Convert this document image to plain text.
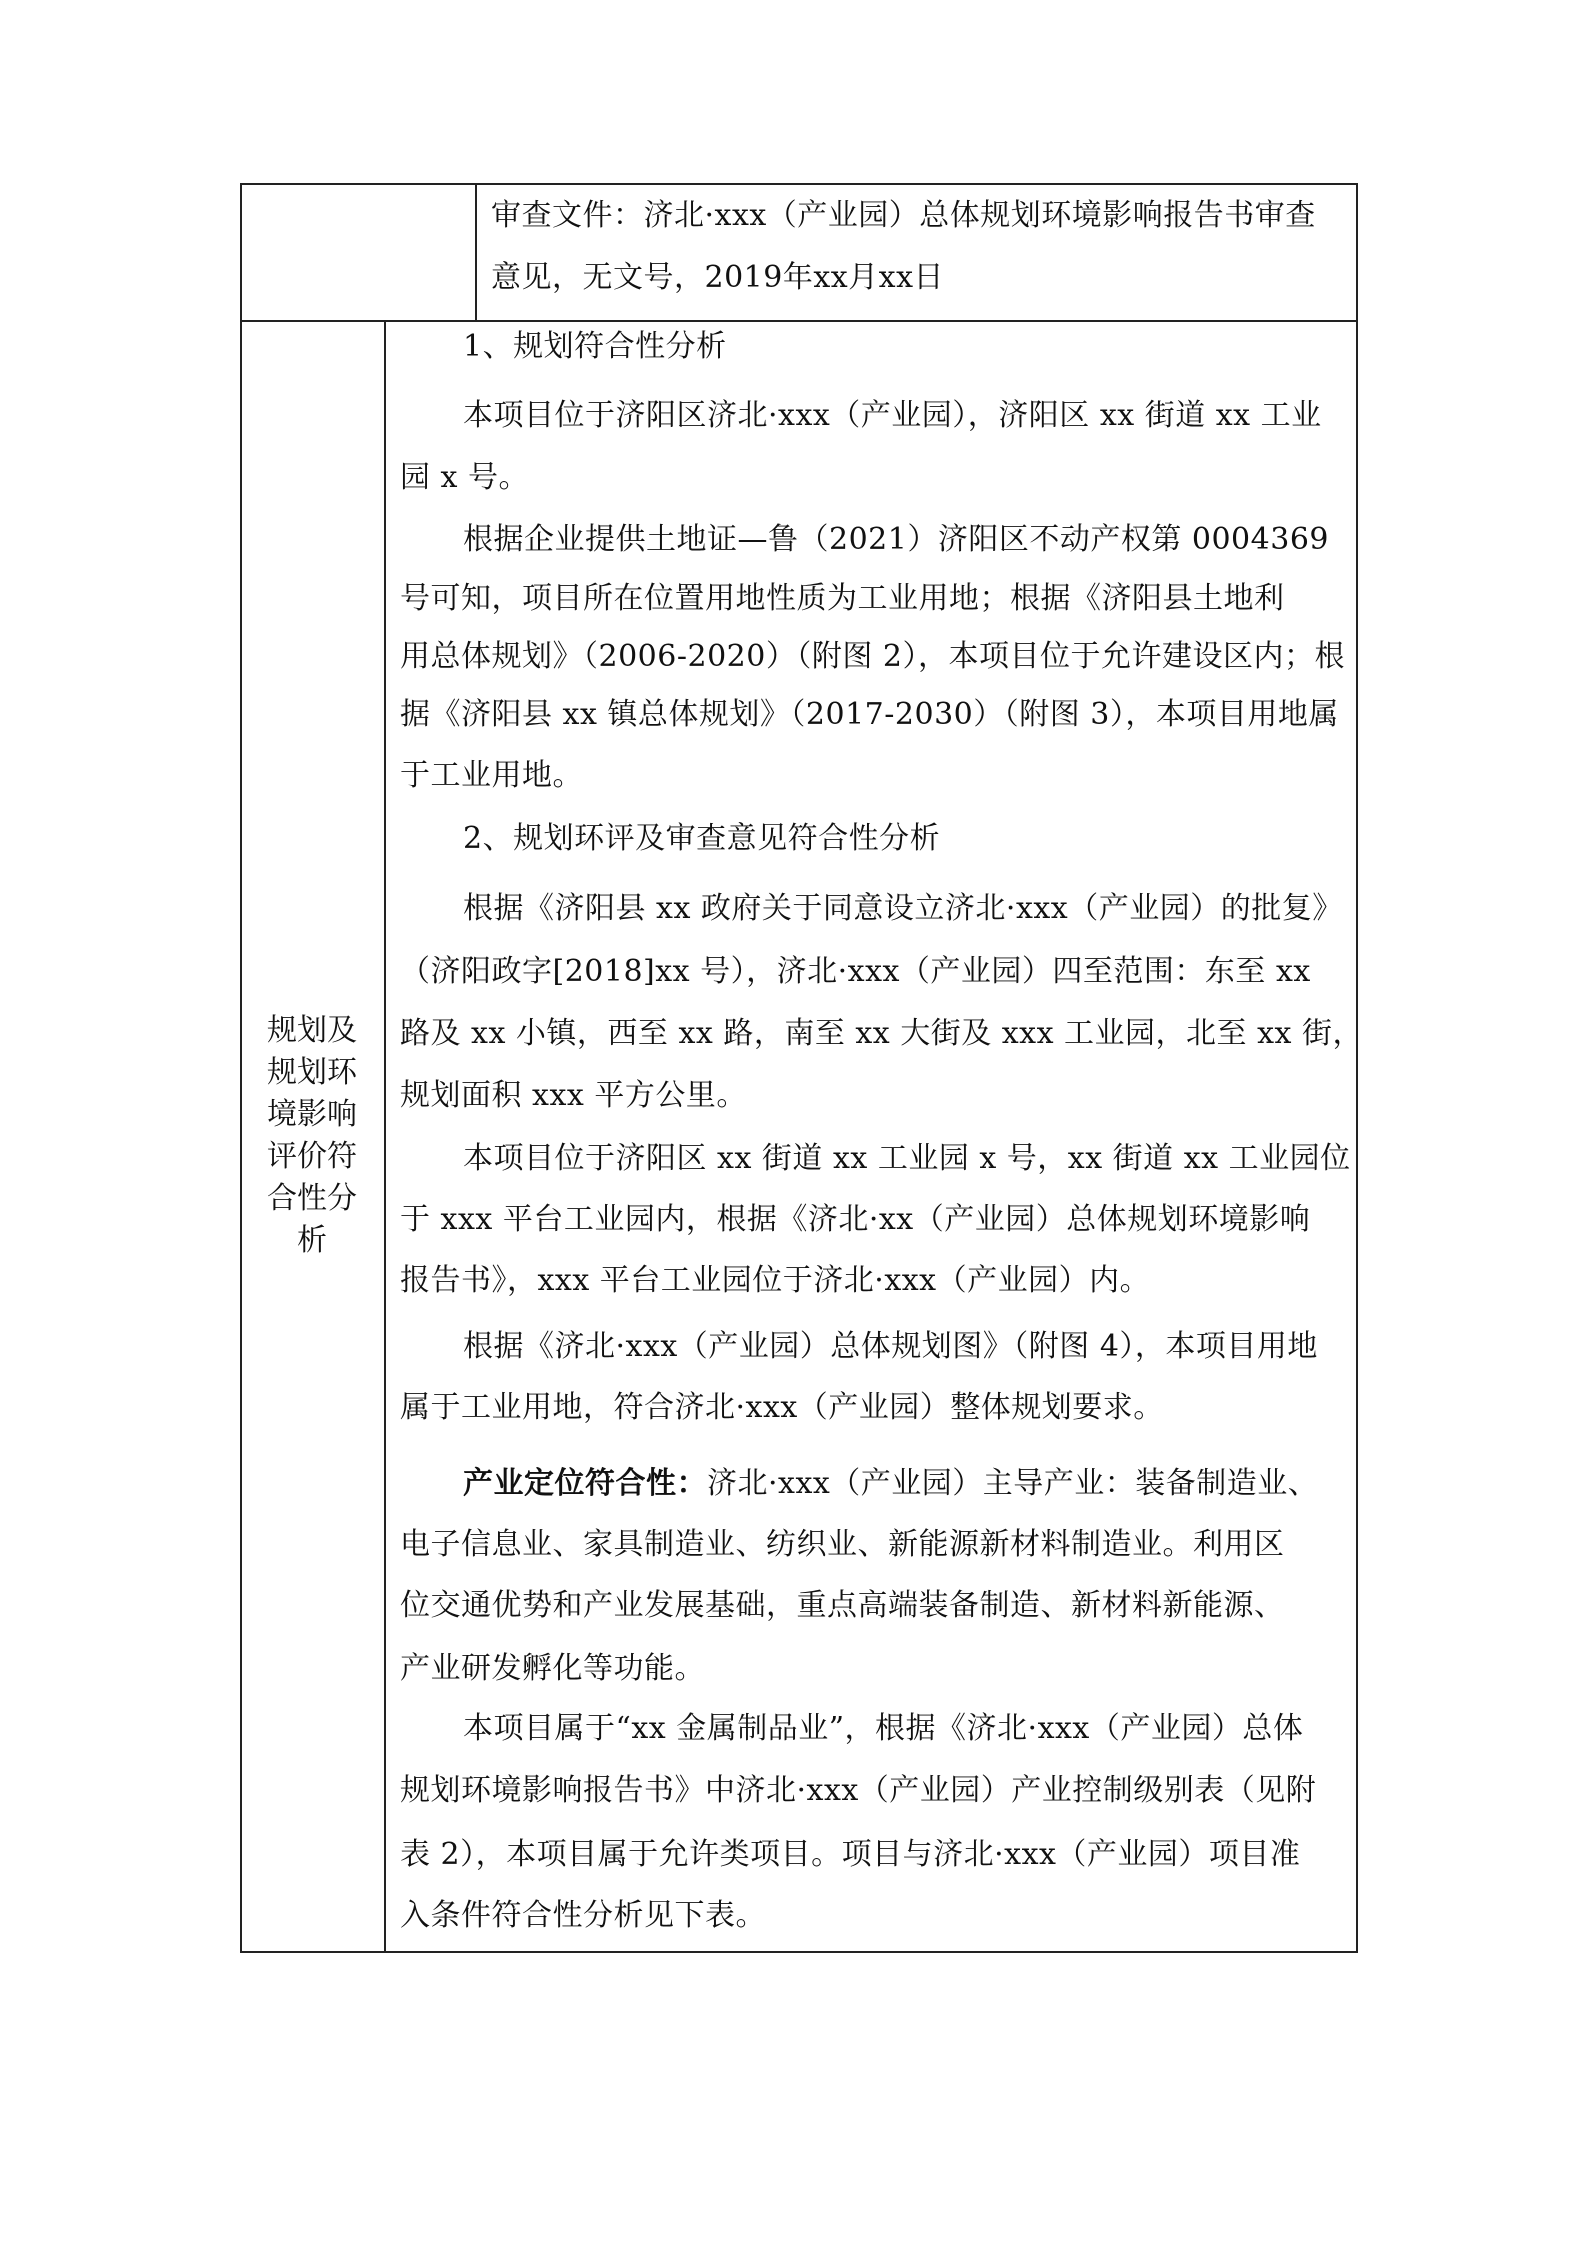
审查文件：济北·xxx（产业园）总体规划环境影响报告书审查
意见，无文号，2019年xx月xx日
规划及
规划环
境影响
评价符
合性分
析
1、规划符合性分析
本项目位于济阳区济北·xxx（产业园），济阳区 xx 街道 xx 工业
园 x 号。
根据企业提供土地证—鲁（2021）济阳区不动产权第 0004369
号可知，项目所在位置用地性质为工业用地；根据《济阳县土地利
用总体规划》（2006-2020）（附图 2），本项目位于允许建设区内；根
据《济阳县 xx 镇总体规划》（2017-2030）（附图 3），本项目用地属
于工业用地。
2、规划环评及审查意见符合性分析
根据《济阳县 xx 政府关于同意设立济北·xxx（产业园）的批复》
（济阳政字[2018]xx 号），济北·xxx（产业园）四至范围：东至 xx
路及 xx 小镇，西至 xx 路，南至 xx 大街及 xxx 工业园，北至 xx 街，
规划面积 xxx 平方公里。
本项目位于济阳区 xx 街道 xx 工业园 x 号，xx 街道 xx 工业园位
于 xxx 平台工业园内，根据《济北·xx（产业园）总体规划环境影响
报告书》，xxx 平台工业园位于济北·xxx（产业园）内。
根据《济北·xxx（产业园）总体规划图》（附图 4），本项目用地
属于工业用地，符合济北·xxx（产业园）整体规划要求。
产业定位符合性：济北·xxx（产业园）主导产业：装备制造业、
电子信息业、家具制造业、纺织业、新能源新材料制造业。利用区
位交通优势和产业发展基础，重点高端装备制造、新材料新能源、
产业研发孵化等功能。
本项目属于“xx 金属制品业”，根据《济北·xxx（产业园）总体
规划环境影响报告书》中济北·xxx（产业园）产业控制级别表（见附
表 2），本项目属于允许类项目。项目与济北·xxx（产业园）项目准
入条件符合性分析见下表。
